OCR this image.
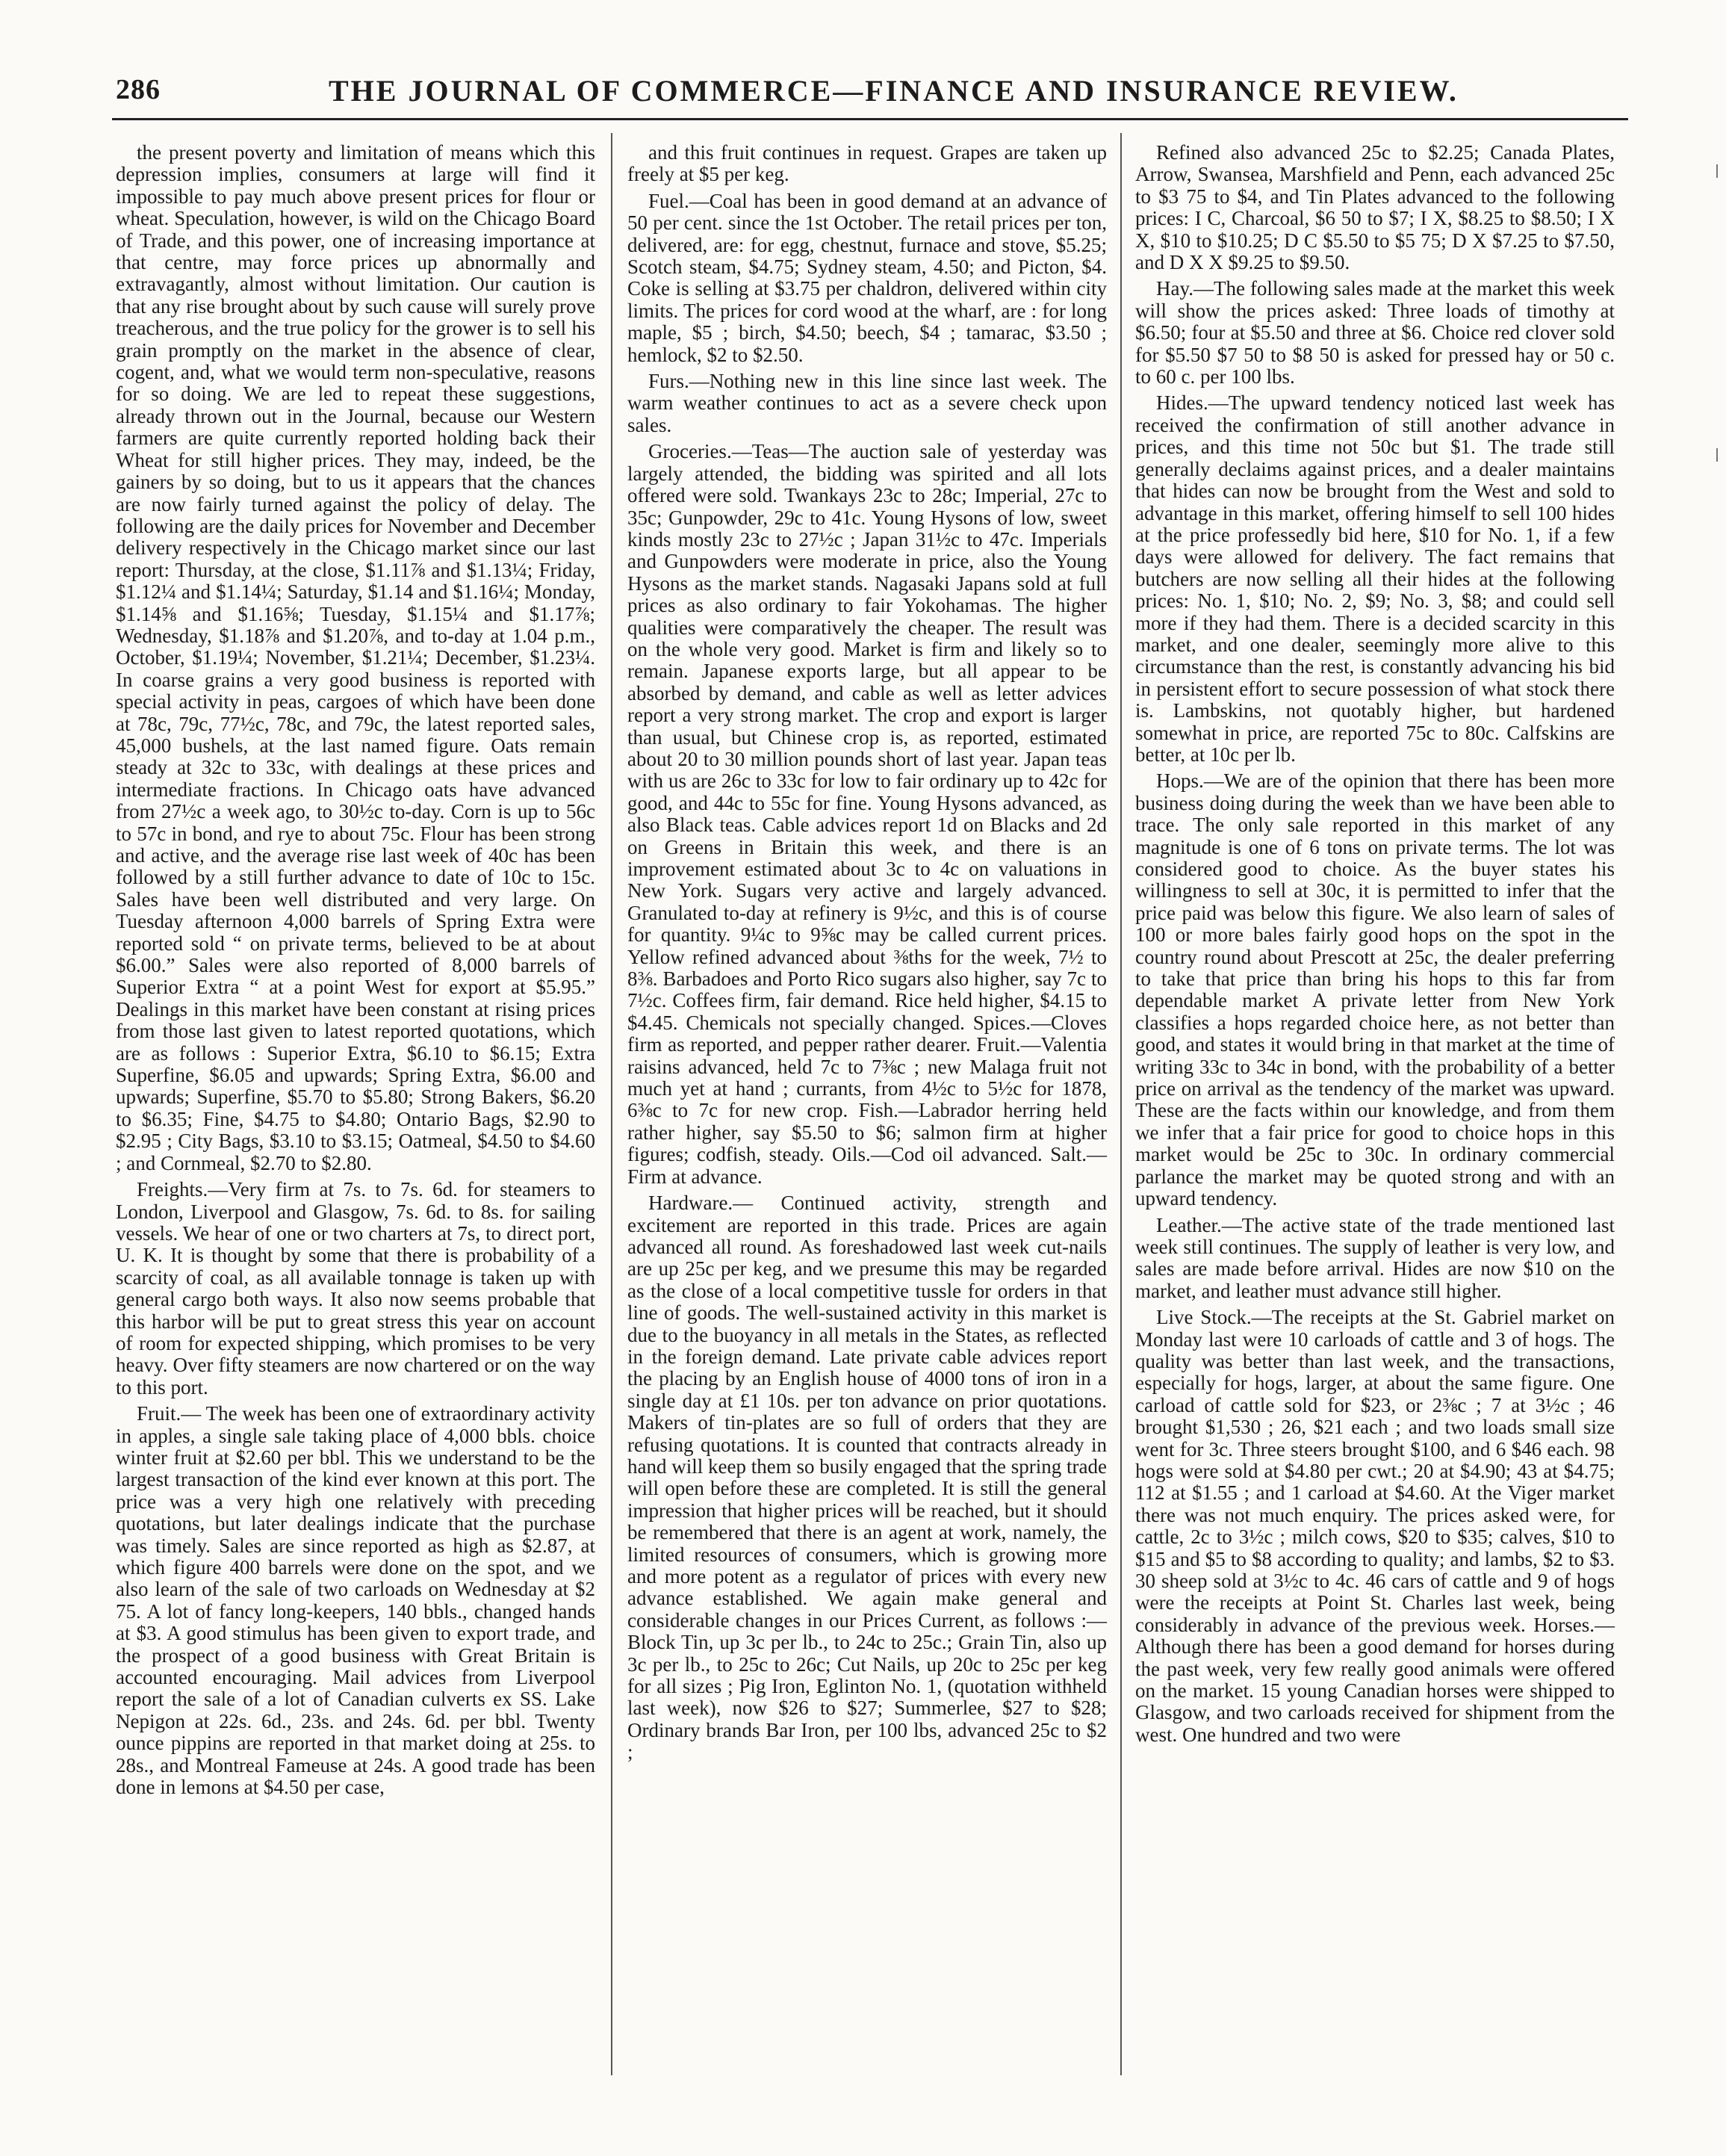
286	THE JOURNAL OF COMMERCE—FINANCE AND INSURANCE REVIEW.

the present poverty and limitation of means which this depression implies, consumers at large will find it impossible to pay much above present prices for flour or wheat. Speculation, however, is wild on the Chicago Board of Trade, and this power, one of increasing importance at that centre, may force prices up abnormally and extravagantly, almost without limitation. Our caution is that any rise brought about by such cause will surely prove treacherous, and the true policy for the grower is to sell his grain promptly on the market in the absence of clear, cogent, and, what we would term non-speculative, reasons for so doing. We are led to repeat these suggestions, already thrown out in the Journal, because our Western farmers are quite currently reported holding back their Wheat for still higher prices. They may, indeed, be the gainers by so doing, but to us it appears that the chances are now fairly turned against the policy of delay. The following are the daily prices for November and December delivery respectively in the Chicago market since our last report: Thursday, at the close, $1.11⅞ and $1.13¼; Friday, $1.12¼ and $1.14¼; Saturday, $1.14 and $1.16¼; Monday, $1.14⅝ and $1.16⅝; Tuesday, $1.15¼ and $1.17⅞; Wednesday, $1.18⅞ and $1.20⅞, and to-day at 1.04 p.m., October, $1.19¼; November, $1.21¼; December, $1.23¼. In coarse grains a very good business is reported with special activity in peas, cargoes of which have been done at 78c, 79c, 77½c, 78c, and 79c, the latest reported sales, 45,000 bushels, at the last named figure. Oats remain steady at 32c to 33c, with dealings at these prices and intermediate fractions. In Chicago oats have advanced from 27½c a week ago, to 30½c to-day. Corn is up to 56c to 57c in bond, and rye to about 75c. Flour has been strong and active, and the average rise last week of 40c has been followed by a still further advance to date of 10c to 15c. Sales have been well distributed and very large. On Tuesday afternoon 4,000 barrels of Spring Extra were reported sold “ on private terms, believed to be at about $6.00.” Sales were also reported of 8,000 barrels of Superior Extra “ at a point West for export at $5.95.” Dealings in this market have been constant at rising prices from those last given to latest reported quotations, which are as follows : Superior Extra, $6.10 to $6.15; Extra Superfine, $6.05 and upwards; Spring Extra, $6.00 and upwards; Superfine, $5.70 to $5.80; Strong Bakers, $6.20 to $6.35; Fine, $4.75 to $4.80; Ontario Bags, $2.90 to $2.95 ; City Bags, $3.10 to $3.15; Oatmeal, $4.50 to $4.60 ; and Cornmeal, $2.70 to $2.80.

Freights.—Very firm at 7s. to 7s. 6d. for steamers to London, Liverpool and Glasgow, 7s. 6d. to 8s. for sailing vessels. We hear of one or two charters at 7s, to direct port, U. K. It is thought by some that there is probability of a scarcity of coal, as all available tonnage is taken up with general cargo both ways. It also now seems probable that this harbor will be put to great stress this year on account of room for expected shipping, which promises to be very heavy. Over fifty steamers are now chartered or on the way to this port.

Fruit.— The week has been one of extraordinary activity in apples, a single sale taking place of 4,000 bbls. choice winter fruit at $2.60 per bbl. This we understand to be the largest transaction of the kind ever known at this port. The price was a very high one relatively with preceding quotations, but later dealings indicate that the purchase was timely. Sales are since reported as high as $2.87, at which figure 400 barrels were done on the spot, and we also learn of the sale of two carloads on Wednesday at $2 75. A lot of fancy long-keepers, 140 bbls., changed hands at $3. A good stimulus has been given to export trade, and the prospect of a good business with Great Britain is accounted encouraging. Mail advices from Liverpool report the sale of a lot of Canadian culverts ex SS. Lake Nepigon at 22s. 6d., 23s. and 24s. 6d. per bbl. Twenty ounce pippins are reported in that market doing at 25s. to 28s., and Montreal Fameuse at 24s. A good trade has been done in lemons at $4.50 per case,

and this fruit continues in request. Grapes are taken up freely at $5 per keg.

Fuel.—Coal has been in good demand at an advance of 50 per cent. since the 1st October. The retail prices per ton, delivered, are: for egg, chestnut, furnace and stove, $5.25; Scotch steam, $4.75; Sydney steam, 4.50; and Picton, $4. Coke is selling at $3.75 per chaldron, delivered within city limits. The prices for cord wood at the wharf, are : for long maple, $5 ; birch, $4.50; beech, $4 ; tamarac, $3.50 ; hemlock, $2 to $2.50.

Furs.—Nothing new in this line since last week. The warm weather continues to act as a severe check upon sales.

Groceries.—Teas—The auction sale of yesterday was largely attended, the bidding was spirited and all lots offered were sold. Twankays 23c to 28c; Imperial, 27c to 35c; Gunpowder, 29c to 41c. Young Hysons of low, sweet kinds mostly 23c to 27½c ; Japan 31½c to 47c. Imperials and Gunpowders were moderate in price, also the Young Hysons as the market stands. Nagasaki Japans sold at full prices as also ordinary to fair Yokohamas. The higher qualities were comparatively the cheaper. The result was on the whole very good. Market is firm and likely so to remain. Japanese exports large, but all appear to be absorbed by demand, and cable as well as letter advices report a very strong market. The crop and export is larger than usual, but Chinese crop is, as reported, estimated about 20 to 30 million pounds short of last year. Japan teas with us are 26c to 33c for low to fair ordinary up to 42c for good, and 44c to 55c for fine. Young Hysons advanced, as also Black teas. Cable advices report 1d on Blacks and 2d on Greens in Britain this week, and there is an improvement estimated about 3c to 4c on valuations in New York. Sugars very active and largely advanced. Granulated to-day at refinery is 9½c, and this is of course for quantity. 9¼c to 9⅝c may be called current prices. Yellow refined advanced about ⅜ths for the week, 7½ to 8⅜. Barbadoes and Porto Rico sugars also higher, say 7c to 7½c. Coffees firm, fair demand. Rice held higher, $4.15 to $4.45. Chemicals not specially changed. Spices.—Cloves firm as reported, and pepper rather dearer. Fruit.—Valentia raisins advanced, held 7c to 7⅜c ; new Malaga fruit not much yet at hand ; currants, from 4½c to 5½c for 1878, 6⅜c to 7c for new crop. Fish.—Labrador herring held rather higher, say $5.50 to $6; salmon firm at higher figures; codfish, steady. Oils.—Cod oil advanced. Salt.—Firm at advance.

Hardware.— Continued activity, strength and excitement are reported in this trade. Prices are again advanced all round. As foreshadowed last week cut-nails are up 25c per keg, and we presume this may be regarded as the close of a local competitive tussle for orders in that line of goods. The well-sustained activity in this market is due to the buoyancy in all metals in the States, as reflected in the foreign demand. Late private cable advices report the placing by an English house of 4000 tons of iron in a single day at £1 10s. per ton advance on prior quotations. Makers of tin-plates are so full of orders that they are refusing quotations. It is counted that contracts already in hand will keep them so busily engaged that the spring trade will open before these are completed. It is still the general impression that higher prices will be reached, but it should be remembered that there is an agent at work, namely, the limited resources of consumers, which is growing more and more potent as a regulator of prices with every new advance established. We again make general and considerable changes in our Prices Current, as follows :—Block Tin, up 3c per lb., to 24c to 25c.; Grain Tin, also up 3c per lb., to 25c to 26c; Cut Nails, up 20c to 25c per keg for all sizes ; Pig Iron, Eglinton No. 1, (quotation withheld last week), now $26 to $27; Summerlee, $27 to $28; Ordinary brands Bar Iron, per 100 lbs, advanced 25c to $2 ;

Refined also advanced 25c to $2.25; Canada Plates, Arrow, Swansea, Marshfield and Penn, each advanced 25c to $3 75 to $4, and Tin Plates advanced to the following prices: I C, Charcoal, $6 50 to $7; I X, $8.25 to $8.50; I X X, $10 to $10.25; D C $5.50 to $5 75; D X $7.25 to $7.50, and D X X $9.25 to $9.50.

Hay.—The following sales made at the market this week will show the prices asked: Three loads of timothy at $6.50; four at $5.50 and three at $6. Choice red clover sold for $5.50 $7 50 to $8 50 is asked for pressed hay or 50 c. to 60 c. per 100 lbs.

Hides.—The upward tendency noticed last week has received the confirmation of still another advance in prices, and this time not 50c but $1. The trade still generally declaims against prices, and a dealer maintains that hides can now be brought from the West and sold to advantage in this market, offering himself to sell 100 hides at the price professedly bid here, $10 for No. 1, if a few days were allowed for delivery. The fact remains that butchers are now selling all their hides at the following prices: No. 1, $10; No. 2, $9; No. 3, $8; and could sell more if they had them. There is a decided scarcity in this market, and one dealer, seemingly more alive to this circumstance than the rest, is constantly advancing his bid in persistent effort to secure possession of what stock there is. Lambskins, not quotably higher, but hardened somewhat in price, are reported 75c to 80c. Calfskins are better, at 10c per lb.

Hops.—We are of the opinion that there has been more business doing during the week than we have been able to trace. The only sale reported in this market of any magnitude is one of 6 tons on private terms. The lot was considered good to choice. As the buyer states his willingness to sell at 30c, it is permitted to infer that the price paid was below this figure. We also learn of sales of 100 or more bales fairly good hops on the spot in the country round about Prescott at 25c, the dealer preferring to take that price than bring his hops to this far from dependable market A private letter from New York classifies a hops regarded choice here, as not better than good, and states it would bring in that market at the time of writing 33c to 34c in bond, with the probability of a better price on arrival as the tendency of the market was upward. These are the facts within our knowledge, and from them we infer that a fair price for good to choice hops in this market would be 25c to 30c. In ordinary commercial parlance the market may be quoted strong and with an upward tendency.

Leather.—The active state of the trade mentioned last week still continues. The supply of leather is very low, and sales are made before arrival. Hides are now $10 on the market, and leather must advance still higher.

Live Stock.—The receipts at the St. Gabriel market on Monday last were 10 carloads of cattle and 3 of hogs. The quality was better than last week, and the transactions, especially for hogs, larger, at about the same figure. One carload of cattle sold for $23, or 2⅜c ; 7 at 3½c ; 46 brought $1,530 ; 26, $21 each ; and two loads small size went for 3c. Three steers brought $100, and 6 $46 each. 98 hogs were sold at $4.80 per cwt.; 20 at $4.90; 43 at $4.75; 112 at $1.55 ; and 1 carload at $4.60. At the Viger market there was not much enquiry. The prices asked were, for cattle, 2c to 3½c ; milch cows, $20 to $35; calves, $10 to $15 and $5 to $8 according to quality; and lambs, $2 to $3. 30 sheep sold at 3½c to 4c. 46 cars of cattle and 9 of hogs were the receipts at Point St. Charles last week, being considerably in advance of the previous week. Horses.—Although there has been a good demand for horses during the past week, very few really good animals were offered on the market. 15 young Canadian horses were shipped to Glasgow, and two carloads received for shipment from the west. One hundred and two were
